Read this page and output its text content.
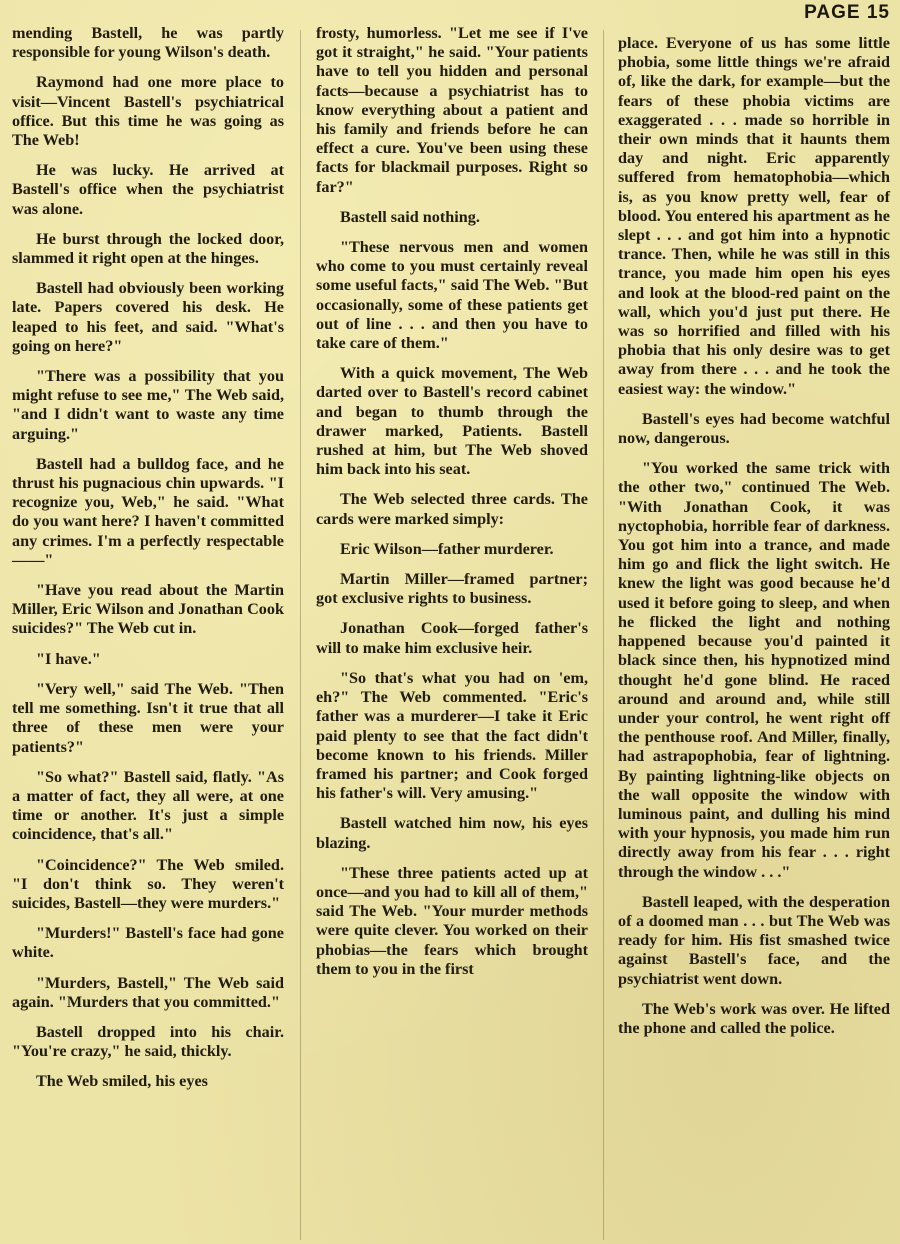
PAGE 15

mending Bastell, he was partly responsible for young Wilson's death.

Raymond had one more place to visit—Vincent Bastell's psychiatrical office. But this time he was going as The Web!

He was lucky. He arrived at Bastell's office when the psychiatrist was alone.

He burst through the locked door, slammed it right open at the hinges.

Bastell had obviously been working late. Papers covered his desk. He leaped to his feet, and said. "What's going on here?"

"There was a possibility that you might refuse to see me," The Web said, "and I didn't want to waste any time arguing."

Bastell had a bulldog face, and he thrust his pugnacious chin upwards. "I recognize you, Web," he said. "What do you want here? I haven't committed any crimes. I'm a perfectly respectable——"

"Have you read about the Martin Miller, Eric Wilson and Jonathan Cook suicides?" The Web cut in.

"I have."

"Very well," said The Web. "Then tell me something. Isn't it true that all three of these men were your patients?"

"So what?" Bastell said, flatly. "As a matter of fact, they all were, at one time or another. It's just a simple coincidence, that's all."

"Coincidence?" The Web smiled. "I don't think so. They weren't suicides, Bastell—they were murders."

"Murders!" Bastell's face had gone white.

"Murders, Bastell," The Web said again. "Murders that you committed."

Bastell dropped into his chair. "You're crazy," he said, thickly.

The Web smiled, his eyes

frosty, humorless. "Let me see if I've got it straight," he said. "Your patients have to tell you hidden and personal facts—because a psychiatrist has to know everything about a patient and his family and friends before he can effect a cure. You've been using these facts for blackmail purposes. Right so far?"

Bastell said nothing.

"These nervous men and women who come to you must certainly reveal some useful facts," said The Web. "But occasionally, some of these patients get out of line . . . and then you have to take care of them."

With a quick movement, The Web darted over to Bastell's record cabinet and began to thumb through the drawer marked, Patients. Bastell rushed at him, but The Web shoved him back into his seat.

The Web selected three cards. The cards were marked simply:

Eric Wilson—father murderer.

Martin Miller—framed partner; got exclusive rights to business.

Jonathan Cook—forged father's will to make him exclusive heir.

"So that's what you had on 'em, eh?" The Web commented. "Eric's father was a murderer—I take it Eric paid plenty to see that the fact didn't become known to his friends. Miller framed his partner; and Cook forged his father's will. Very amusing."

Bastell watched him now, his eyes blazing.

"These three patients acted up at once—and you had to kill all of them," said The Web. "Your murder methods were quite clever. You worked on their phobias—the fears which brought them to you in the first

place. Everyone of us has some little phobia, some little things we're afraid of, like the dark, for example—but the fears of these phobia victims are exaggerated . . . made so horrible in their own minds that it haunts them day and night. Eric apparently suffered from hematophobia—which is, as you know pretty well, fear of blood. You entered his apartment as he slept . . . and got him into a hypnotic trance. Then, while he was still in this trance, you made him open his eyes and look at the blood-red paint on the wall, which you'd just put there. He was so horrified and filled with his phobia that his only desire was to get away from there . . . and he took the easiest way: the window."

Bastell's eyes had become watchful now, dangerous.

"You worked the same trick with the other two," continued The Web. "With Jonathan Cook, it was nyctophobia, horrible fear of darkness. You got him into a trance, and made him go and flick the light switch. He knew the light was good because he'd used it before going to sleep, and when he flicked the light and nothing happened because you'd painted it black since then, his hypnotized mind thought he'd gone blind. He raced around and around and, while still under your control, he went right off the penthouse roof. And Miller, finally, had astrapophobia, fear of lightning. By painting lightning-like objects on the wall opposite the window with luminous paint, and dulling his mind with your hypnosis, you made him run directly away from his fear . . . right through the window . . ."

Bastell leaped, with the desperation of a doomed man . . . but The Web was ready for him. His fist smashed twice against Bastell's face, and the psychiatrist went down.

The Web's work was over. He lifted the phone and called the police.
